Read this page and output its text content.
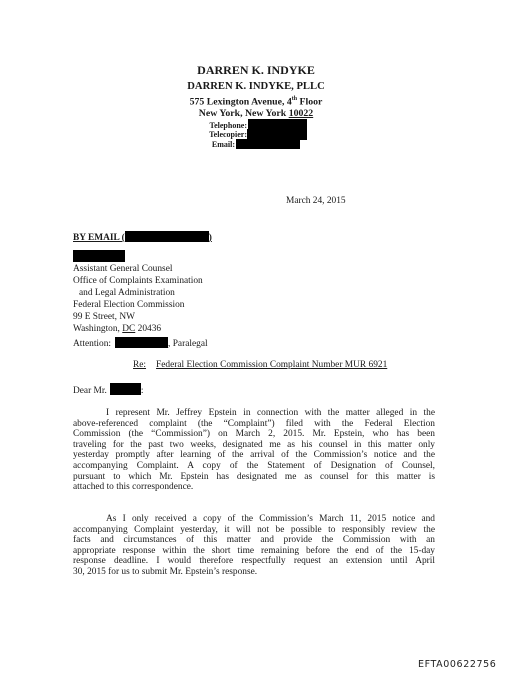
DARREN K. INDYKE
DARREN K. INDYKE, PLLC
575 Lexington Avenue, 4th Floor
New York, New York 10022
Telephone:
Telecopier:
Email:
March 24, 2015
BY EMAIL (	)
Assistant General Counsel
Office of Complaints Examination
and Legal Administration
Federal Election Commission
99 E Street, NW
Washington, DC 20436
Attention:	, Paralegal
Re: Federal Election Commission Complaint Number MUR 6921
Dear Mr.	:
I represent Mr. Jeffrey Epstein in connection with the matter alleged in the
above-referenced complaint (the “Complaint”) filed with the Federal Election
Commission (the “Commission”) on March 2, 2015. Mr. Epstein, who has been
traveling for the past two weeks, designated me as his counsel in this matter only
yesterday promptly after learning of the arrival of the Commission’s notice and the
accompanying Complaint. A copy of the Statement of Designation of Counsel,
pursuant to which Mr. Epstein has designated me as counsel for this matter is
attached to this correspondence.
As I only received a copy of the Commission’s March 11, 2015 notice and
accompanying Complaint yesterday, it will not be possible to responsibly review the
facts and circumstances of this matter and provide the Commission with an
appropriate response within the short time remaining before the end of the 15-day
response deadline. I would therefore respectfully request an extension until April
30, 2015 for us to submit Mr. Epstein’s response.
EFTA00622756
